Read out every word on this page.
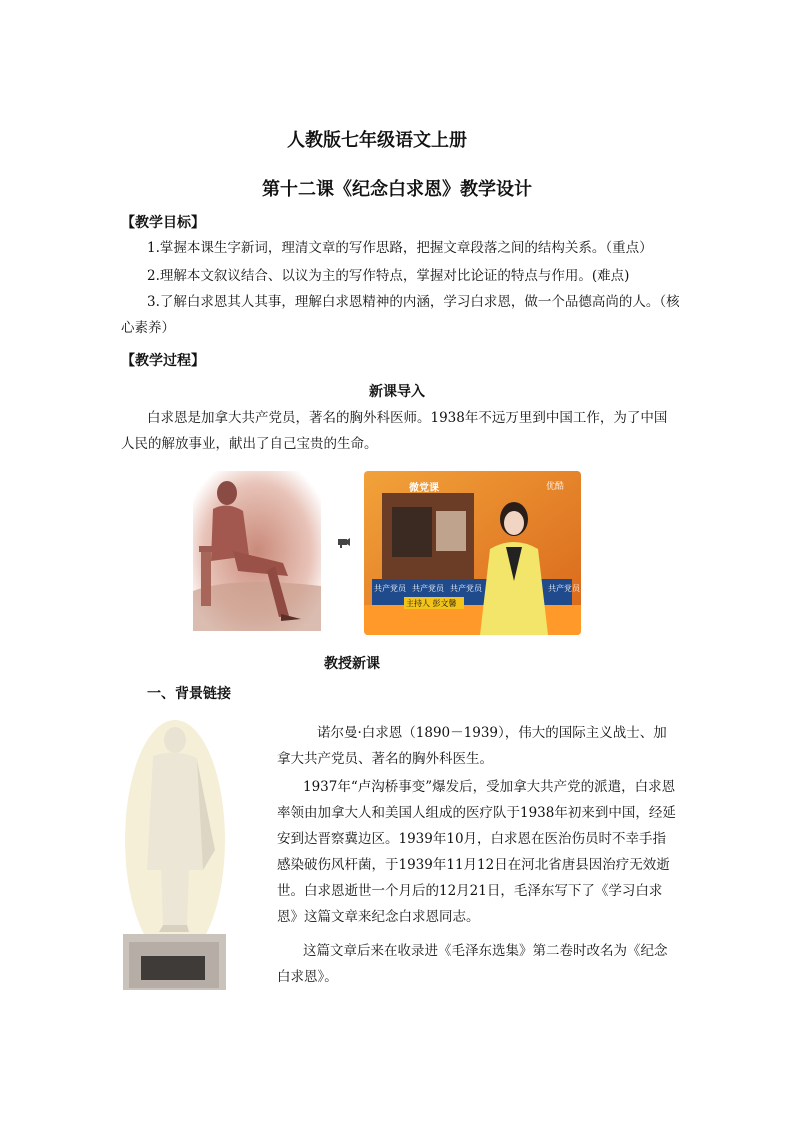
人教版七年级语文上册
第十二课《纪念白求恩》教学设计
【教学目标】
1.掌握本课生字新词，理清文章的写作思路，把握文章段落之间的结构关系。（重点）
2.理解本文叙议结合、以议为主的写作特点，掌握对比论证的特点与作用。(难点)
3.了解白求恩其人其事，理解白求恩精神的内涵，学习白求恩，做一个品德高尚的人。（核心素养）
【教学过程】
新课导入
白求恩是加拿大共产党员，著名的胸外科医师。1938年不远万里到中国工作，为了中国人民的解放事业，献出了自己宝贵的生命。
微党课	优酷
共产党员 共产党员 共产党员	共产党员
主持人 彭文馨
教授新课
一、背景链接
诺尔曼·白求恩（1890－1939），伟大的国际主义战士、加拿大共产党员、著名的胸外科医生。
1937年“卢沟桥事变”爆发后，受加拿大共产党的派遣，白求恩率领由加拿大人和美国人组成的医疗队于1938年初来到中国，经延安到达晋察冀边区。1939年10月，白求恩在医治伤员时不幸手指感染破伤风杆菌，于1939年11月12日在河北省唐县因治疗无效逝世。白求恩逝世一个月后的12月21日，毛泽东写下了《学习白求恩》这篇文章来纪念白求恩同志。
这篇文章后来在收录进《毛泽东选集》第二卷时改名为《纪念白求恩》。
